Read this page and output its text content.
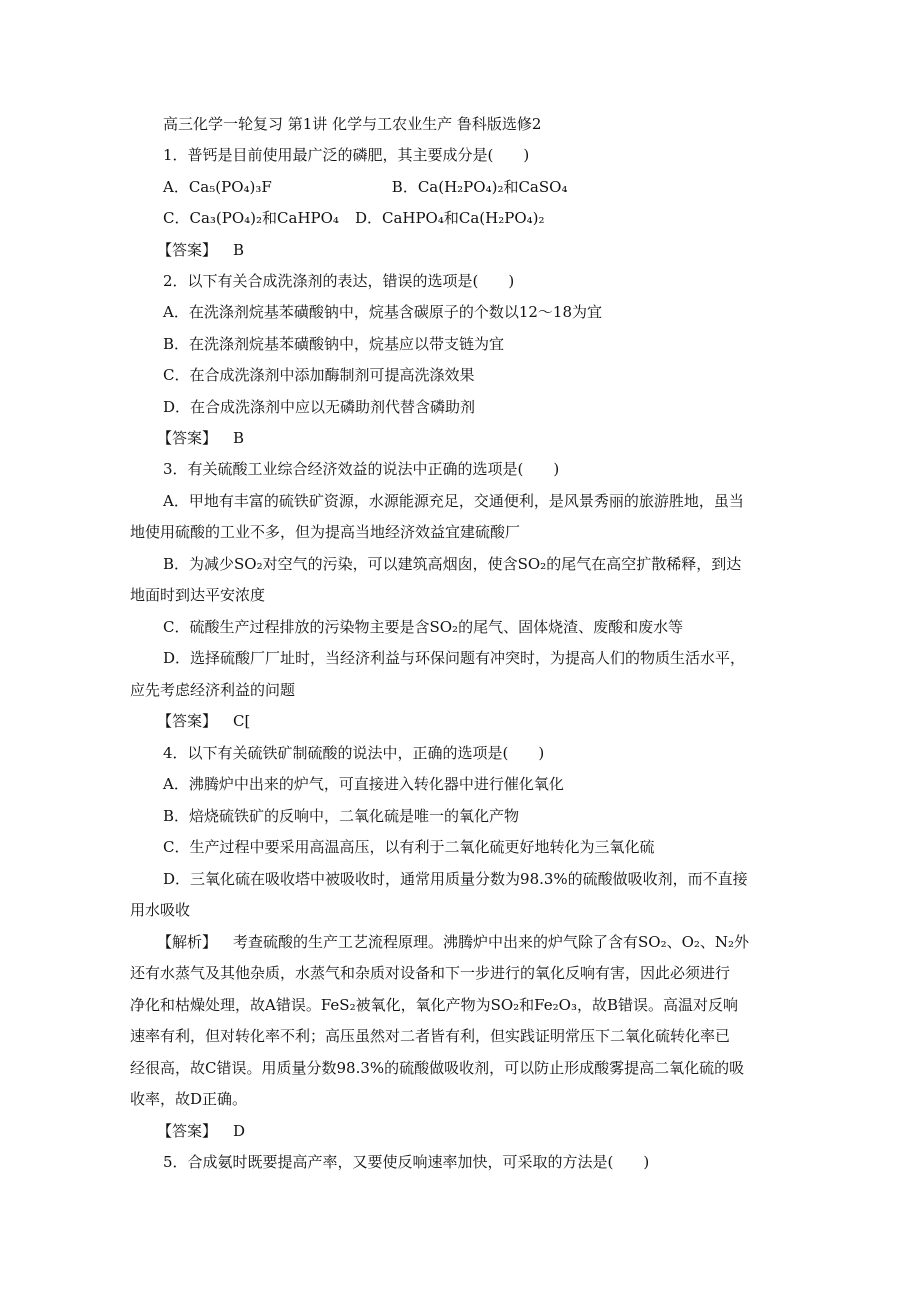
高三化学一轮复习 第1讲 化学与工农业生产 鲁科版选修2
1．普钙是目前使用最广泛的磷肥，其主要成分是(　　)
A．Ca₅(PO₄)₃F	B．Ca(H₂PO₄)₂和CaSO₄
C．Ca₃(PO₄)₂和CaHPO₄ D．CaHPO₄和Ca(H₂PO₄)₂
【答案】 B
2．以下有关合成洗涤剂的表达，错误的选项是(　　)
A．在洗涤剂烷基苯磺酸钠中，烷基含碳原子的个数以12～18为宜
B．在洗涤剂烷基苯磺酸钠中，烷基应以带支链为宜
C．在合成洗涤剂中添加酶制剂可提高洗涤效果
D．在合成洗涤剂中应以无磷助剂代替含磷助剂
【答案】 B
3．有关硫酸工业综合经济效益的说法中正确的选项是(　　)
A．甲地有丰富的硫铁矿资源，水源能源充足，交通便利，是风景秀丽的旅游胜地，虽当
地使用硫酸的工业不多，但为提高当地经济效益宜建硫酸厂
B．为减少SO₂对空气的污染，可以建筑高烟囱，使含SO₂的尾气在高空扩散稀释，到达
地面时到达平安浓度
C．硫酸生产过程排放的污染物主要是含SO₂的尾气、固体烧渣、废酸和废水等
D．选择硫酸厂厂址时，当经济利益与环保问题有冲突时，为提高人们的物质生活水平，
应先考虑经济利益的问题
【答案】 C[
4．以下有关硫铁矿制硫酸的说法中，正确的选项是(　　)
A．沸腾炉中出来的炉气，可直接进入转化器中进行催化氧化
B．焙烧硫铁矿的反响中，二氧化硫是唯一的氧化产物
C．生产过程中要采用高温高压，以有利于二氧化硫更好地转化为三氧化硫
D．三氧化硫在吸收塔中被吸收时，通常用质量分数为98.3%的硫酸做吸收剂，而不直接
用水吸收
【解析】 考查硫酸的生产工艺流程原理。沸腾炉中出来的炉气除了含有SO₂、O₂、N₂外
还有水蒸气及其他杂质，水蒸气和杂质对设备和下一步进行的氧化反响有害，因此必须进行
净化和枯燥处理，故A错误。FeS₂被氧化，氧化产物为SO₂和Fe₂O₃，故B错误。高温对反响
速率有利，但对转化率不利；高压虽然对二者皆有利，但实践证明常压下二氧化硫转化率已
经很高，故C错误。用质量分数98.3%的硫酸做吸收剂，可以防止形成酸雾提高二氧化硫的吸
收率，故D正确。
【答案】 D
5．合成氨时既要提高产率，又要使反响速率加快，可采取的方法是(　　)
